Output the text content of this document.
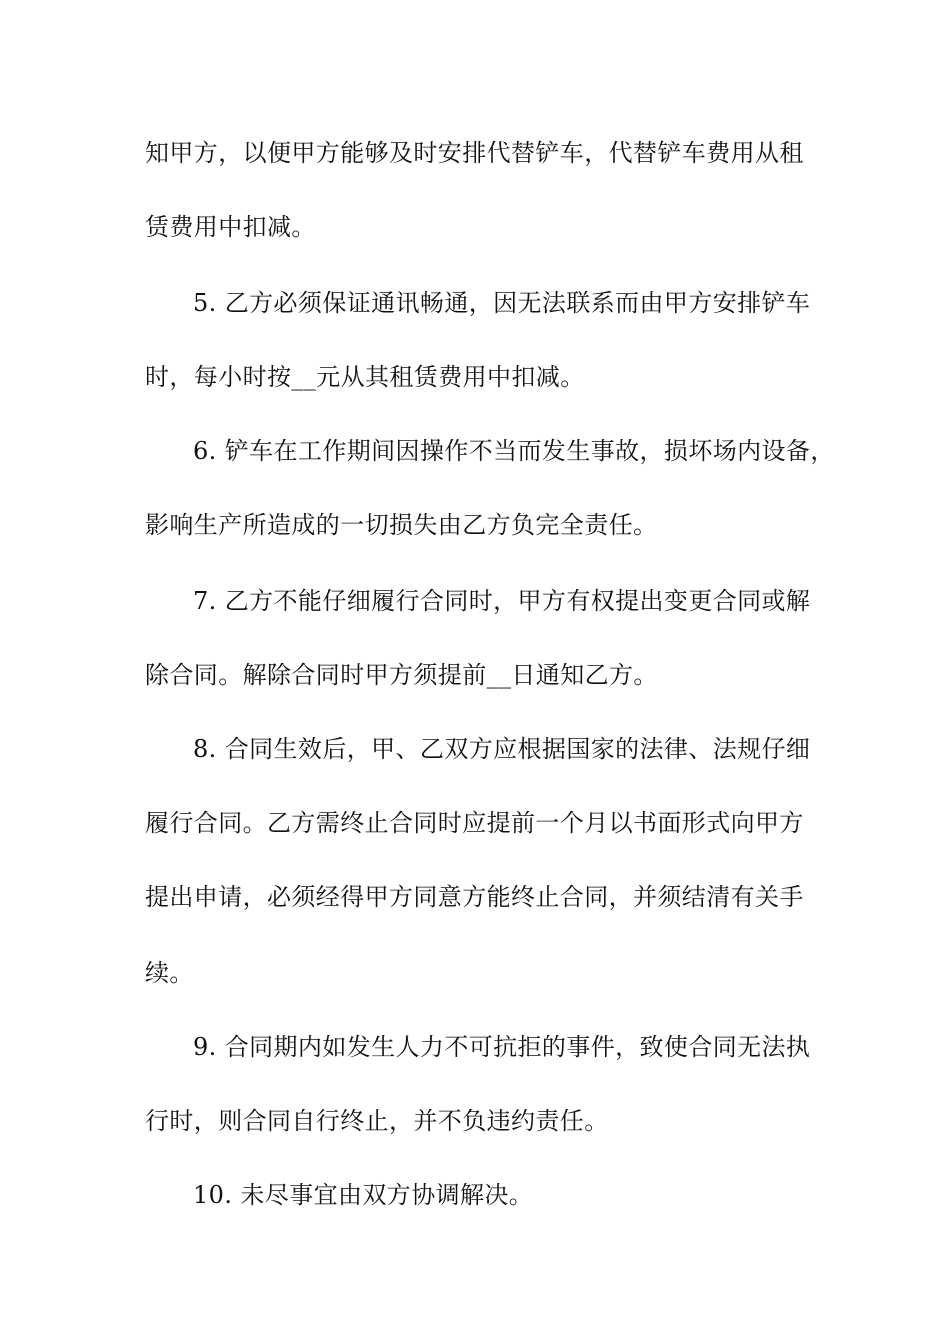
知甲方，以便甲方能够及时安排代替铲车，代替铲车费用从租
赁费用中扣减。
5. 乙方必须保证通讯畅通，因无法联系而由甲方安排铲车
时，每小时按__元从其租赁费用中扣减。
6. 铲车在工作期间因操作不当而发生事故，损坏场内设备，
影响生产所造成的一切损失由乙方负完全责任。
7. 乙方不能仔细履行合同时，甲方有权提出变更合同或解
除合同。解除合同时甲方须提前__日通知乙方。
8. 合同生效后，甲、乙双方应根据国家的法律、法规仔细
履行合同。乙方需终止合同时应提前一个月以书面形式向甲方
提出申请，必须经得甲方同意方能终止合同，并须结清有关手
续。
9. 合同期内如发生人力不可抗拒的事件，致使合同无法执
行时，则合同自行终止，并不负违约责任。
10. 未尽事宜由双方协调解决。
